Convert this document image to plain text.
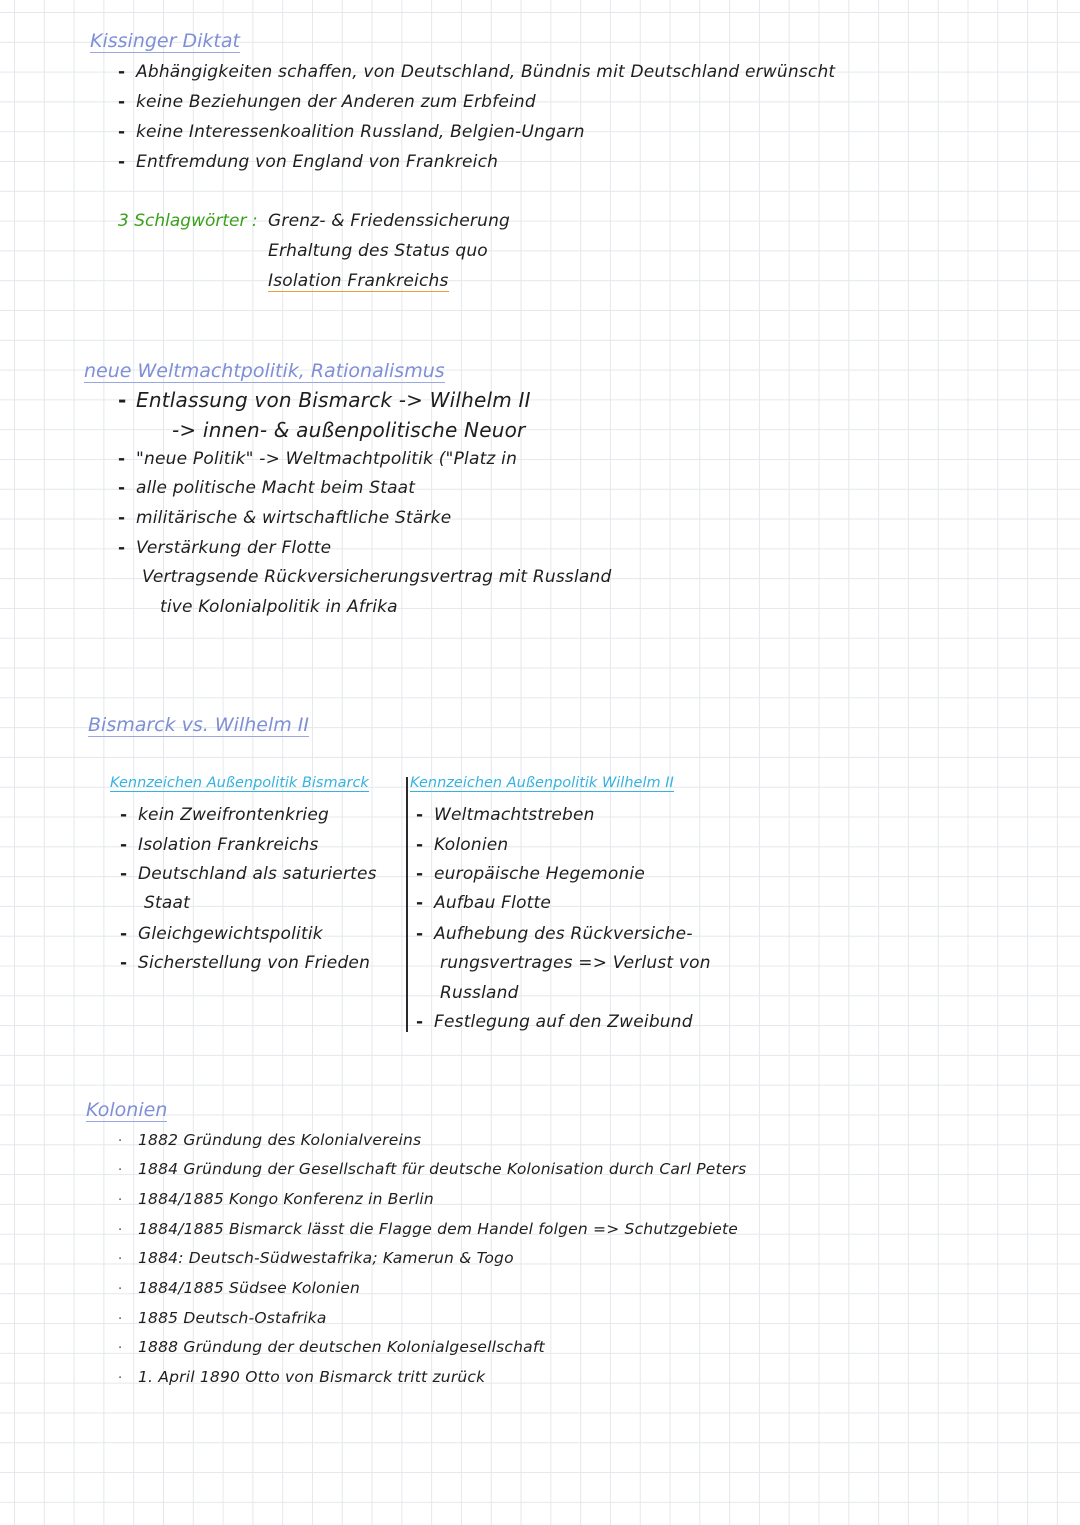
Kissinger Diktat
- Abhängigkeiten schaffen, von Deutschland, Bündnis mit Deutschland erwünscht
- keine Beziehungen der Anderen zum Erbfeind
- keine Interessenkoalition Russland, Belgien-Ungarn
- Entfremdung von England von Frankreich
3 Schlagwörter : Grenz- & Friedenssicherung
Erhaltung des Status quo
Isolation Frankreichs
neue Weltmachtpolitik, Rationalismus
- Entlassung von Bismarck -> Wilhelm II
-> innen- & außenpolitische Neuor
- "neue Politik" -> Weltmachtpolitik ("Platz in
- alle politische Macht beim Staat
- militärische & wirtschaftliche Stärke
- Verstärkung der Flotte
Vertragsende Rückversicherungsvertrag mit Russland
tive Kolonialpolitik in Afrika
Bismarck vs. Wilhelm II
Kennzeichen Außenpolitik Bismarck	Kennzeichen Außenpolitik Wilhelm II
- kein Zweifrontenkrieg
- Isolation Frankreichs
- Deutschland als saturiertes
Staat
- Gleichgewichtspolitik
- Sicherstellung von Frieden
- Weltmachtstreben
- Kolonien
- europäische Hegemonie
- Aufbau Flotte
- Aufhebung des Rückversiche-
rungsvertrages => Verlust von
Russland
- Festlegung auf den Zweibund
Kolonien
· 1882 Gründung des Kolonialvereins
· 1884 Gründung der Gesellschaft für deutsche Kolonisation durch Carl Peters
· 1884/1885 Kongo Konferenz in Berlin
· 1884/1885 Bismarck lässt die Flagge dem Handel folgen => Schutzgebiete
· 1884: Deutsch-Südwestafrika; Kamerun & Togo
· 1884/1885 Südsee Kolonien
· 1885 Deutsch-Ostafrika
· 1888 Gründung der deutschen Kolonialgesellschaft
· 1. April 1890 Otto von Bismarck tritt zurück
